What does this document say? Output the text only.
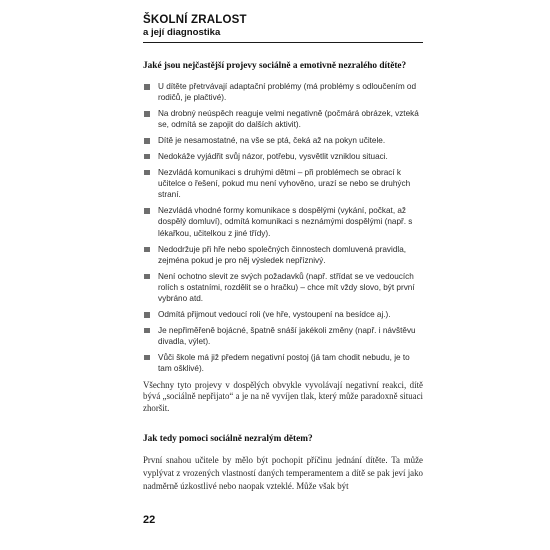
ŠKOLNÍ ZRALOST
a její diagnostika

Jaké jsou nejčastější projevy sociálně a emotivně nezralého dítěte?

U dítěte přetrvávají adaptační problémy (má problémy s odloučením od rodičů, je plačtivé).
Na drobný neúspěch reaguje velmi negativně (počmárá obrázek, vzteká se, odmítá se zapojit do dalších aktivit).
Dítě je nesamostatné, na vše se ptá, čeká až na pokyn učitele.
Nedokáže vyjádřit svůj názor, potřebu, vysvětlit vzniklou situaci.
Nezvládá komunikaci s druhými dětmi – při problémech se obrací k učitelce o řešení, pokud mu není vyhověno, urazí se nebo se druhých straní.
Nezvládá vhodné formy komunikace s dospělými (vykání, počkat, až dospělý domluví), odmítá komunikaci s neznámými dospělými (např. s lékařkou, učitelkou z jiné třídy).
Nedodržuje při hře nebo společných činnostech domluvená pravidla, zejména pokud je pro něj výsledek nepříznivý.
Není ochotno slevit ze svých požadavků (např. střídat se ve vedoucích rolích s ostatními, rozdělit se o hračku) – chce mít vždy slovo, být první vybráno atd.
Odmítá přijmout vedoucí roli (ve hře, vystoupení na besídce aj.).
Je nepřiměřeně bojácné, špatně snáší jakékoli změny (např. i návštěvu divadla, výlet).
Vůči škole má již předem negativní postoj (já tam chodit nebudu, je to tam ošklivé).

Všechny tyto projevy v dospělých obvykle vyvolávají negativní reakci, dítě bývá „sociálně nepřijato“ a je na ně vyvíjen tlak, který může paradoxně situaci zhoršit.

Jak tedy pomoci sociálně nezralým dětem?

První snahou učitele by mělo být pochopit příčinu jednání dítěte. Ta může vyplývat z vrozených vlastností daných temperamentem a dítě se pak jeví jako nadměrně úzkostlivé nebo naopak vzteklé. Může však být

22
